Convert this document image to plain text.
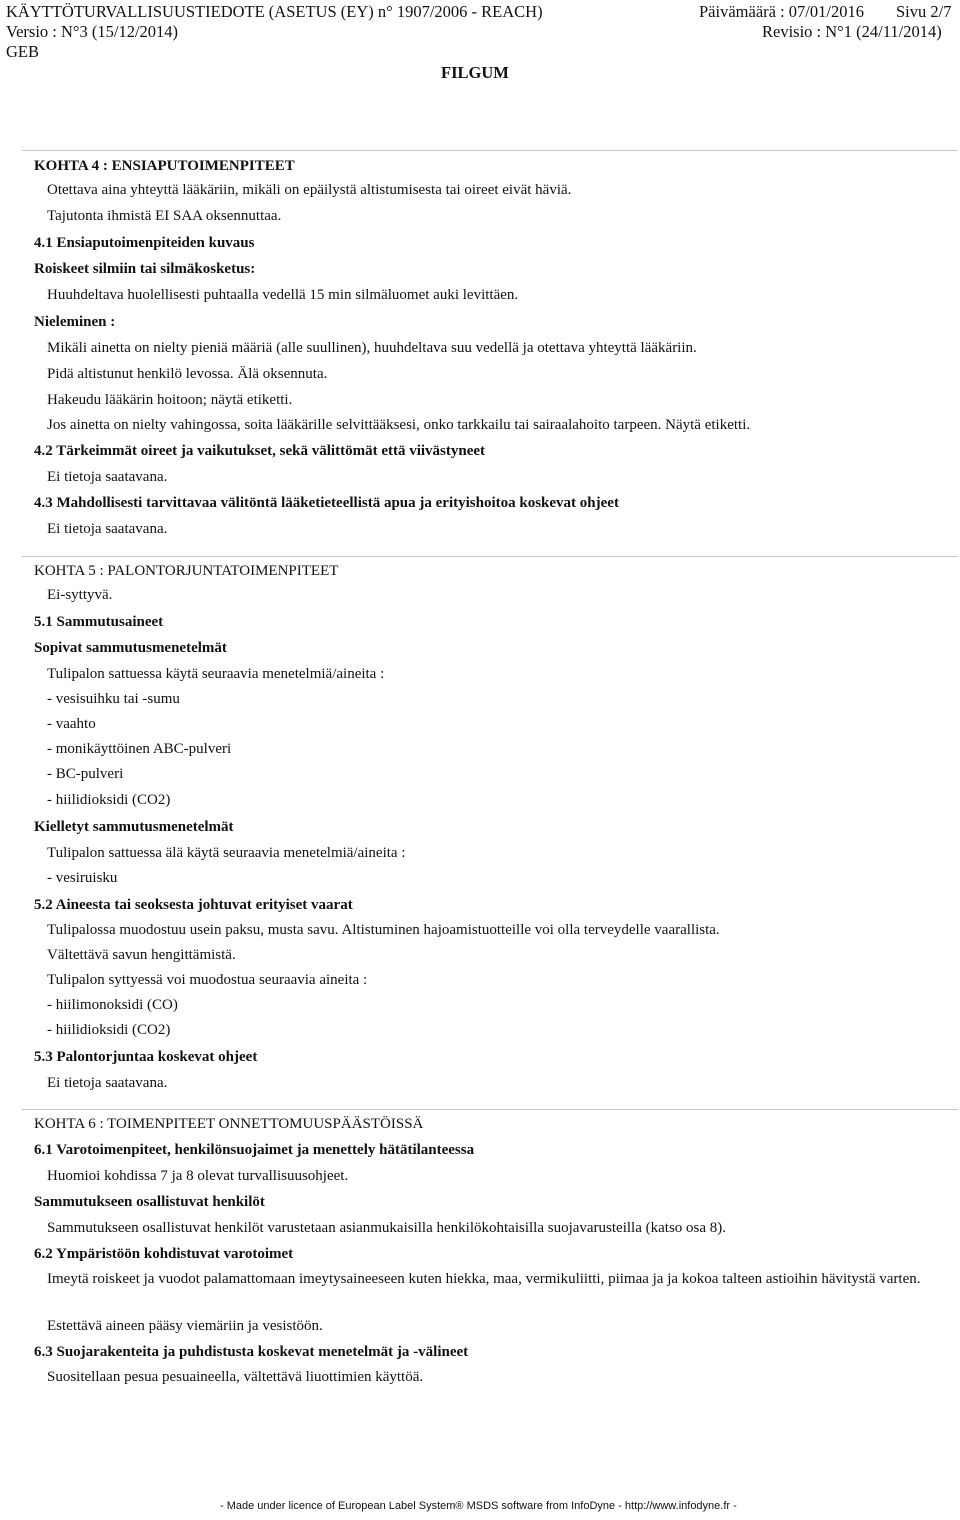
KÄYTTÖTURVALLISUUSTIEDOTE (ASETUS (EY) n° 1907/2006 - REACH)	Päivämäärä : 07/01/2016 Sivu 2/7
Versio : N°3 (15/12/2014)	Revisio : N°1 (24/11/2014)
GEB
FILGUM
KOHTA 4 : ENSIAPUTOIMENPITEET
Otettava aina yhteyttä lääkäriin, mikäli on epäilystä altistumisesta tai oireet eivät häviä.
Tajutonta ihmistä EI SAA oksennuttaa.
4.1 Ensiaputoimenpiteiden kuvaus
Roiskeet silmiin tai silmäkosketus:
Huuhdeltava huolellisesti puhtaalla vedellä 15 min silmäluomet auki levittäen.
Nieleminen :
Mikäli ainetta on nielty pieniä määriä (alle suullinen), huuhdeltava suu vedellä ja otettava yhteyttä lääkäriin.
Pidä altistunut henkilö levossa. Älä oksennuta.
Hakeudu lääkärin hoitoon; näytä etiketti.
Jos ainetta on nielty vahingossa, soita lääkärille selvittääksesi, onko tarkkailu tai sairaalahoito tarpeen. Näytä etiketti.
4.2 Tärkeimmät oireet ja vaikutukset, sekä välittömät että viivästyneet
Ei tietoja saatavana.
4.3 Mahdollisesti tarvittavaa välitöntä lääketieteellistä apua ja erityishoitoa koskevat ohjeet
Ei tietoja saatavana.
KOHTA 5 : PALONTORJUNTATOIMENPITEET
Ei-syttyvä.
5.1 Sammutusaineet
Sopivat sammutusmenetelmät
Tulipalon sattuessa käytä seuraavia menetelmiä/aineita :
- vesisuihku tai -sumu
- vaahto
- monikäyttöinen ABC-pulveri
- BC-pulveri
- hiilidioksidi (CO2)
Kielletyt sammutusmenetelmät
Tulipalon sattuessa älä käytä seuraavia menetelmiä/aineita :
- vesiruisku
5.2 Aineesta tai seoksesta johtuvat erityiset vaarat
Tulipalossa muodostuu usein paksu, musta savu. Altistuminen hajoamistuotteille voi olla terveydelle vaarallista.
Vältettävä savun hengittämistä.
Tulipalon syttyessä voi muodostua seuraavia aineita :
- hiilimonoksidi (CO)
- hiilidioksidi (CO2)
5.3 Palontorjuntaa koskevat ohjeet
Ei tietoja saatavana.
KOHTA 6 : TOIMENPITEET ONNETTOMUUSPÄÄSTÖISSÄ
6.1 Varotoimenpiteet, henkilönsuojaimet ja menettely hätätilanteessa
Huomioi kohdissa 7 ja 8 olevat turvallisuusohjeet.
Sammutukseen osallistuvat henkilöt
Sammutukseen osallistuvat henkilöt varustetaan asianmukaisilla henkilökohtaisilla suojavarusteilla (katso osa 8).
6.2 Ympäristöön kohdistuvat varotoimet
Imeytä roiskeet ja vuodot palamattomaan imeytysaineeseen kuten hiekka, maa, vermikuliitti, piimaa ja ja kokoa talteen astioihin hävitystä varten.
Estettävä aineen pääsy viemäriin ja vesistöön.
6.3 Suojarakenteita ja puhdistusta koskevat menetelmät ja -välineet
Suositellaan pesua pesuaineella, vältettävä liuottimien käyttöä.
- Made under licence of European Label System® MSDS software from InfoDyne - http://www.infodyne.fr -
